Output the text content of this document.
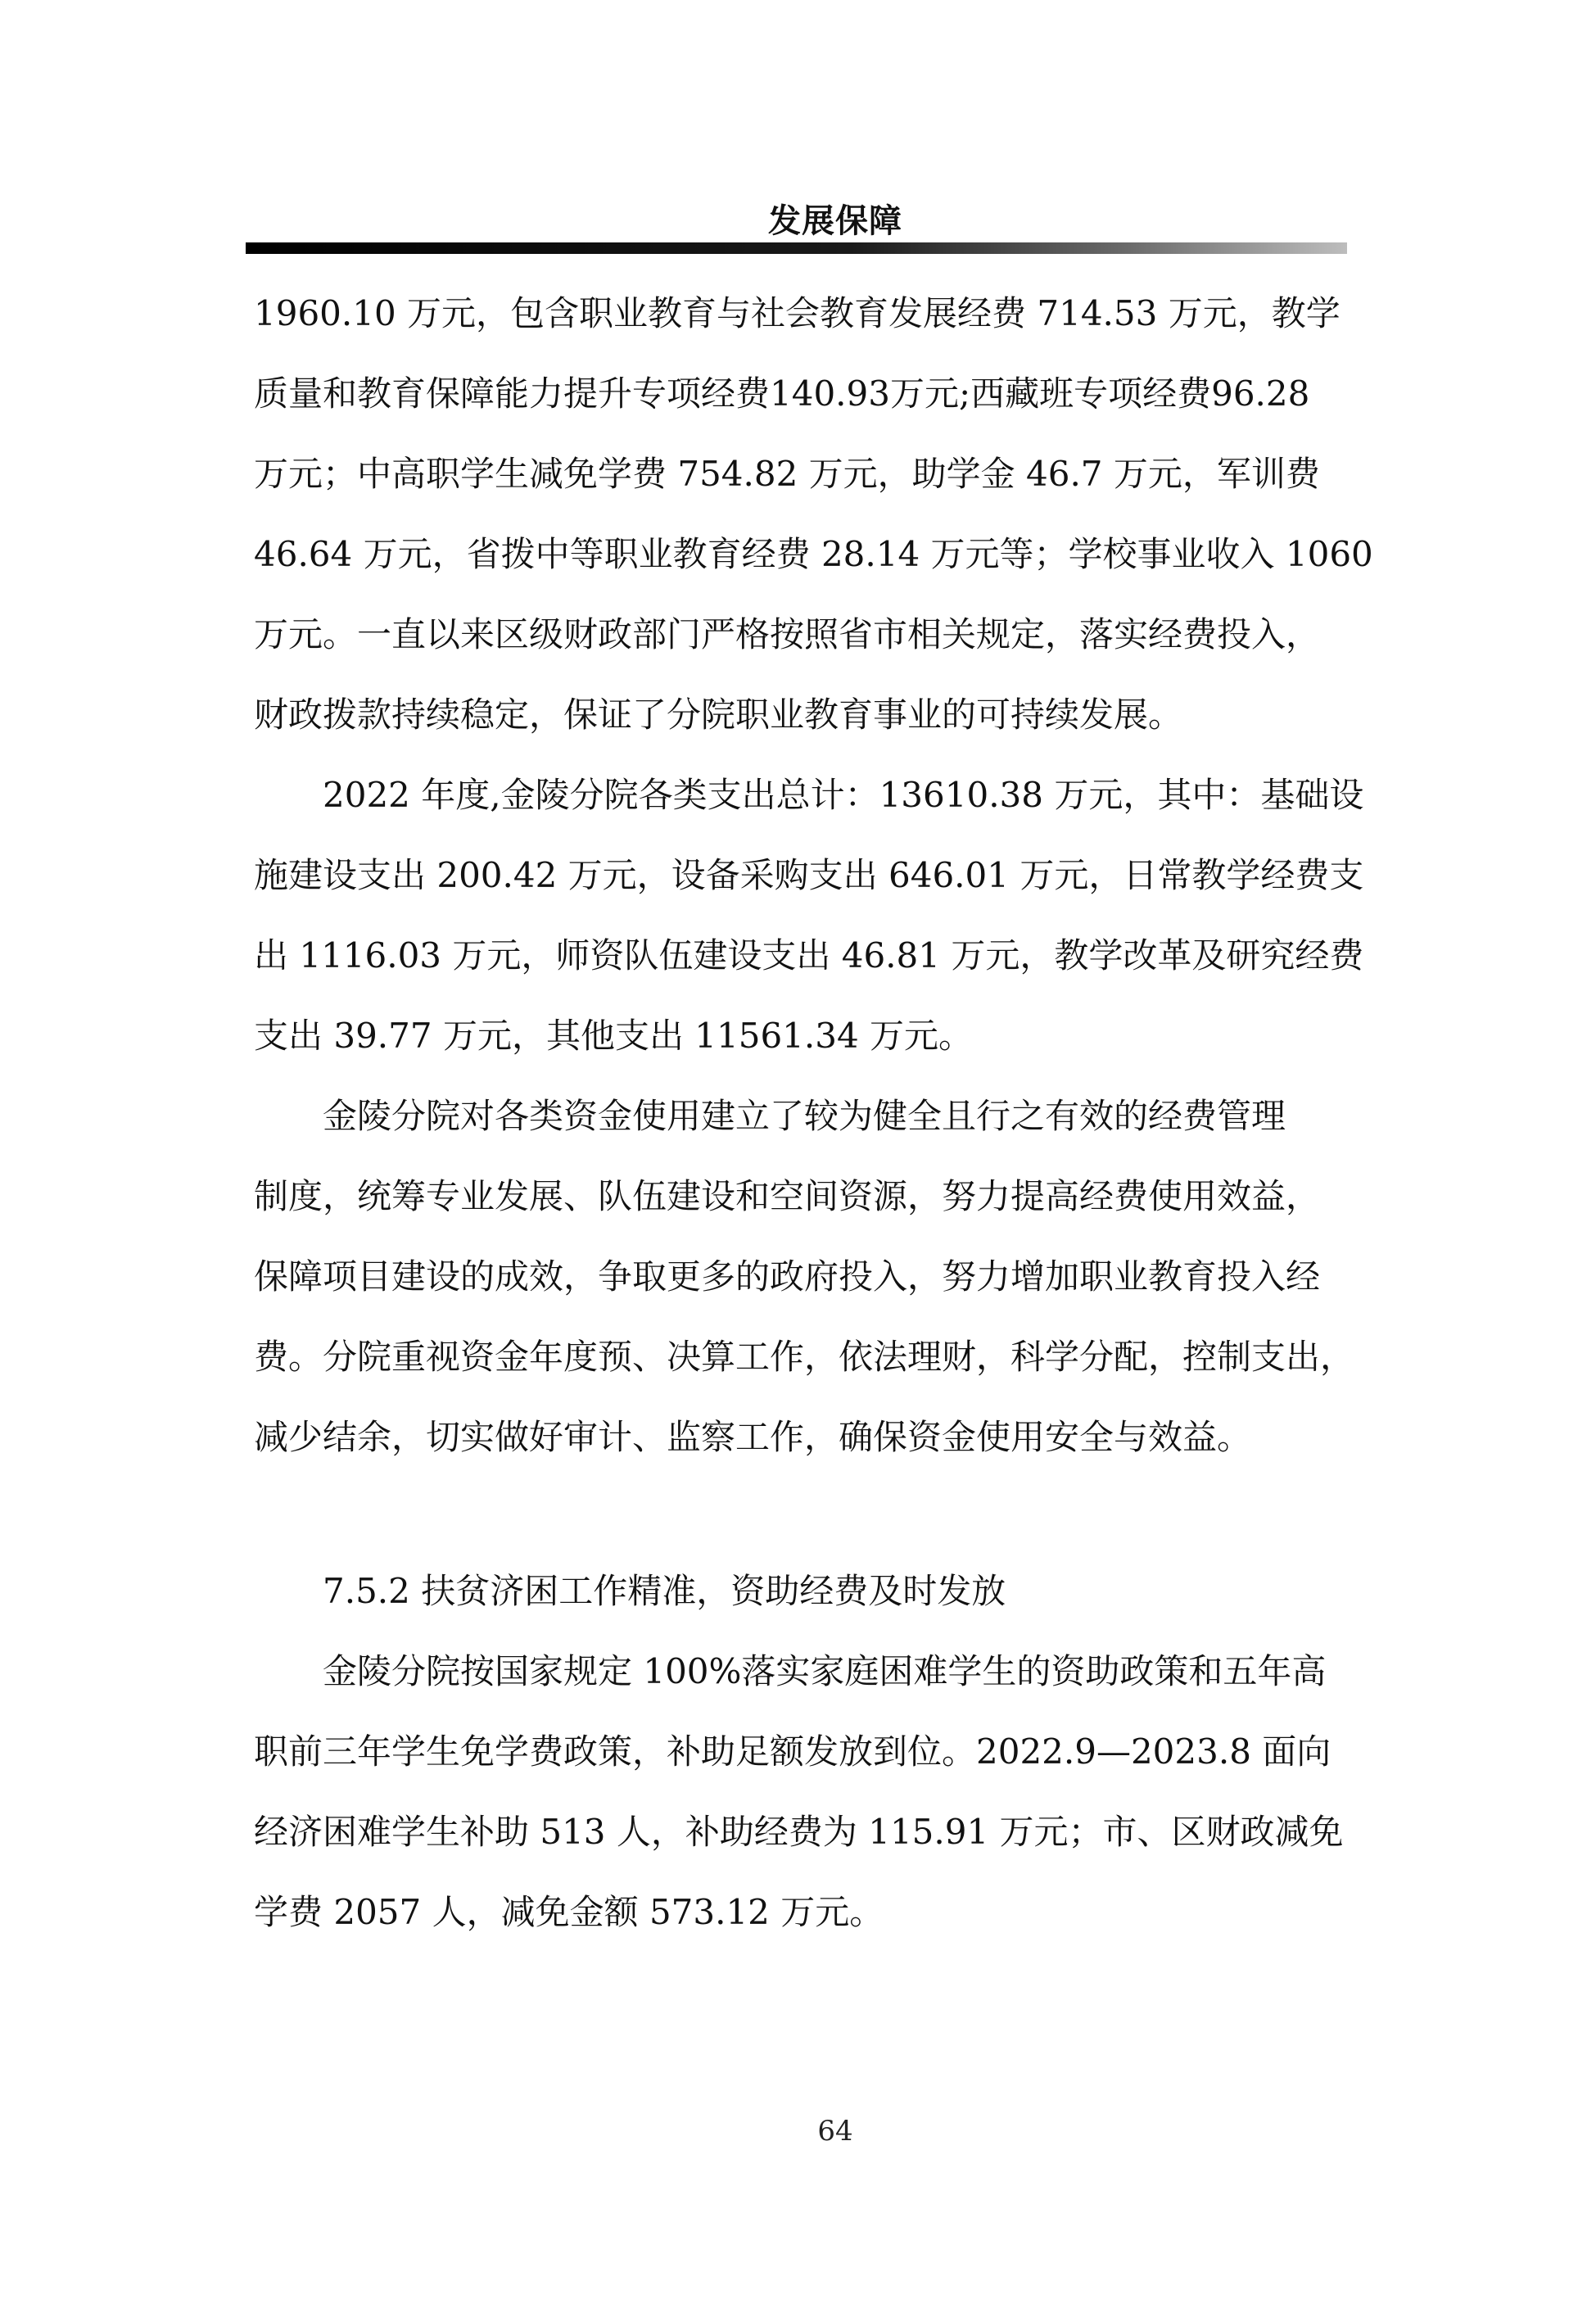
发展保障
1960.10 万元，包含职业教育与社会教育发展经费 714.53 万元，教学
质量和教育保障能力提升专项经费140.93万元;西藏班专项经费96.28
万元；中高职学生减免学费 754.82 万元，助学金 46.7 万元，军训费
46.64 万元，省拨中等职业教育经费 28.14 万元等；学校事业收入 1060
万元。一直以来区级财政部门严格按照省市相关规定，落实经费投入，
财政拨款持续稳定，保证了分院职业教育事业的可持续发展。
2022 年度,金陵分院各类支出总计：13610.38 万元，其中：基础设
施建设支出 200.42 万元，设备采购支出 646.01 万元，日常教学经费支
出 1116.03 万元，师资队伍建设支出 46.81 万元，教学改革及研究经费
支出 39.77 万元，其他支出 11561.34 万元。
金陵分院对各类资金使用建立了较为健全且行之有效的经费管理
制度，统筹专业发展、队伍建设和空间资源，努力提高经费使用效益，
保障项目建设的成效，争取更多的政府投入，努力增加职业教育投入经
费。分院重视资金年度预、决算工作，依法理财，科学分配，控制支出，
减少结余，切实做好审计、监察工作，确保资金使用安全与效益。
7.5.2 扶贫济困工作精准，资助经费及时发放
金陵分院按国家规定 100%落实家庭困难学生的资助政策和五年高
职前三年学生免学费政策，补助足额发放到位。2022.9—2023.8 面向
经济困难学生补助 513 人，补助经费为 115.91 万元；市、区财政减免
学费 2057 人，减免金额 573.12 万元。
64
